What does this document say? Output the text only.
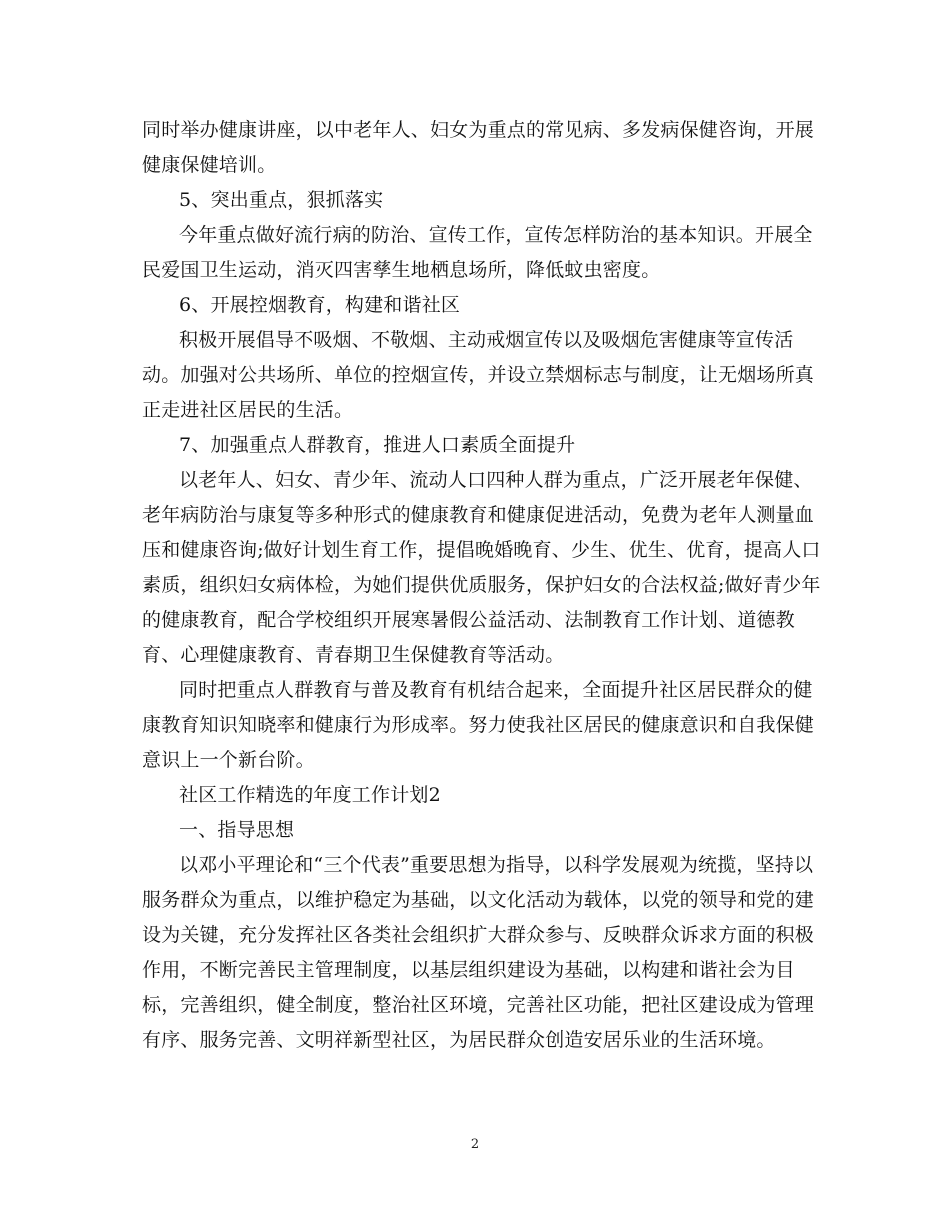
同时举办健康讲座，以中老年人、妇女为重点的常见病、多发病保健咨询，开展
健康保健培训。
5、突出重点，狠抓落实
今年重点做好流行病的防治、宣传工作，宣传怎样防治的基本知识。开展全
民爱国卫生运动，消灭四害孳生地栖息场所，降低蚊虫密度。
6、开展控烟教育，构建和谐社区
积极开展倡导不吸烟、不敬烟、主动戒烟宣传以及吸烟危害健康等宣传活
动。加强对公共场所、单位的控烟宣传，并设立禁烟标志与制度，让无烟场所真
正走进社区居民的生活。
7、加强重点人群教育，推进人口素质全面提升
以老年人、妇女、青少年、流动人口四种人群为重点，广泛开展老年保健、
老年病防治与康复等多种形式的健康教育和健康促进活动，免费为老年人测量血
压和健康咨询;做好计划生育工作，提倡晚婚晚育、少生、优生、优育，提高人口
素质，组织妇女病体检，为她们提供优质服务，保护妇女的合法权益;做好青少年
的健康教育，配合学校组织开展寒暑假公益活动、法制教育工作计划、道德教
育、心理健康教育、青春期卫生保健教育等活动。
同时把重点人群教育与普及教育有机结合起来，全面提升社区居民群众的健
康教育知识知晓率和健康行为形成率。努力使我社区居民的健康意识和自我保健
意识上一个新台阶。
社区工作精选的年度工作计划2
一、指导思想
以邓小平理论和“三个代表”重要思想为指导，以科学发展观为统揽，坚持以
服务群众为重点，以维护稳定为基础，以文化活动为载体，以党的领导和党的建
设为关键，充分发挥社区各类社会组织扩大群众参与、反映群众诉求方面的积极
作用，不断完善民主管理制度，以基层组织建设为基础，以构建和谐社会为目
标，完善组织，健全制度，整治社区环境，完善社区功能，把社区建设成为管理
有序、服务完善、文明祥新型社区，为居民群众创造安居乐业的生活环境。
2
